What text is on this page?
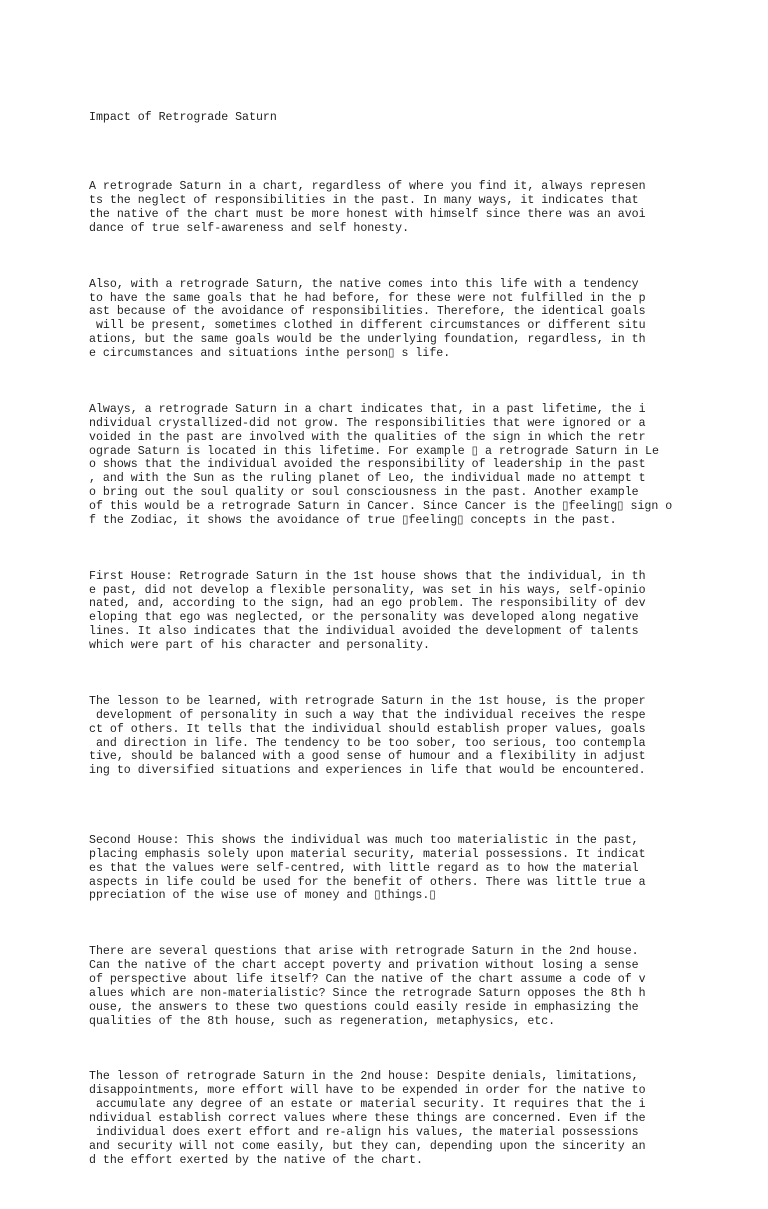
Impact of Retrograde Saturn

A retrograde Saturn in a chart, regardless of where you find it, always represen
ts the neglect of responsibilities in the past. In many ways, it indicates that
the native of the chart must be more honest with himself since there was an avoi
dance of true self-awareness and self honesty.

Also, with a retrograde Saturn, the native comes into this life with a tendency
to have the same goals that he had before, for these were not fulfilled in the p
ast because of the avoidance of responsibilities. Therefore, the identical goals
will be present, sometimes clothed in different circumstances or different situ
ations, but the same goals would be the underlying foundation, regardless, in th
e circumstances and situations inthe person▯ s life.

Always, a retrograde Saturn in a chart indicates that, in a past lifetime, the i
ndividual crystallized-did not grow. The responsibilities that were ignored or a
voided in the past are involved with the qualities of the sign in which the retr
ograde Saturn is located in this lifetime. For example ▯ a retrograde Saturn in Le
o shows that the individual avoided the responsibility of leadership in the past
, and with the Sun as the ruling planet of Leo, the individual made no attempt t
o bring out the soul quality or soul consciousness in the past. Another example
of this would be a retrograde Saturn in Cancer. Since Cancer is the ▯feeling▯ sign o
f the Zodiac, it shows the avoidance of true ▯feeling▯ concepts in the past.

First House: Retrograde Saturn in the 1st house shows that the individual, in th
e past, did not develop a flexible personality, was set in his ways, self-opinio
nated, and, according to the sign, had an ego problem. The responsibility of dev
eloping that ego was neglected, or the personality was developed along negative
lines. It also indicates that the individual avoided the development of talents
which were part of his character and personality.

The lesson to be learned, with retrograde Saturn in the 1st house, is the proper
development of personality in such a way that the individual receives the respe
ct of others. It tells that the individual should establish proper values, goals
and direction in life. The tendency to be too sober, too serious, too contempla
tive, should be balanced with a good sense of humour and a flexibility in adjust
ing to diversified situations and experiences in life that would be encountered.

Second House: This shows the individual was much too materialistic in the past,
placing emphasis solely upon material security, material possessions. It indicat
es that the values were self-centred, with little regard as to how the material
aspects in life could be used for the benefit of others. There was little true a
ppreciation of the wise use of money and ▯things.▯

There are several questions that arise with retrograde Saturn in the 2nd house.
Can the native of the chart accept poverty and privation without losing a sense
of perspective about life itself? Can the native of the chart assume a code of v
alues which are non-materialistic? Since the retrograde Saturn opposes the 8th h
ouse, the answers to these two questions could easily reside in emphasizing the
qualities of the 8th house, such as regeneration, metaphysics, etc.

The lesson of retrograde Saturn in the 2nd house: Despite denials, limitations,
disappointments, more effort will have to be expended in order for the native to
accumulate any degree of an estate or material security. It requires that the i
ndividual establish correct values where these things are concerned. Even if the
individual does exert effort and re-align his values, the material possessions
and security will not come easily, but they can, depending upon the sincerity an
d the effort exerted by the native of the chart.
